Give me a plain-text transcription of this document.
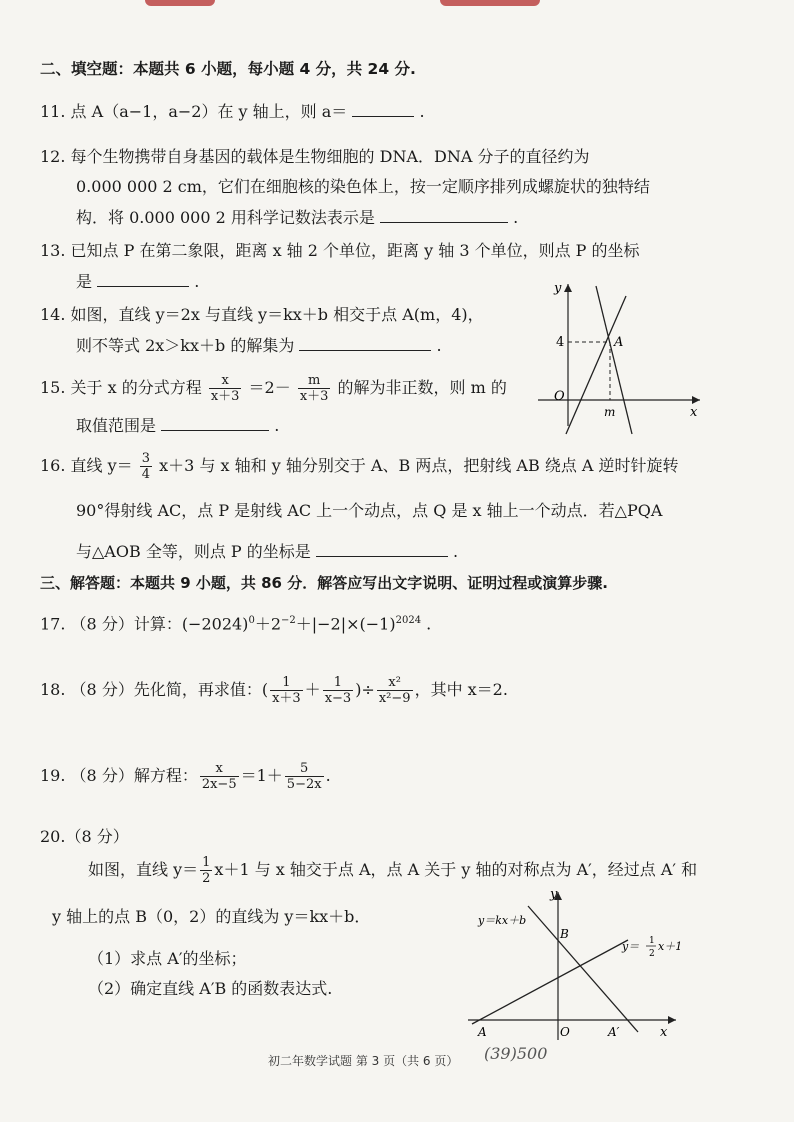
二、填空题：本题共 6 小题，每小题 4 分，共 24 分.
11. 点 A（a−1，a−2）在 y 轴上，则 a＝	.
12. 每个生物携带自身基因的载体是生物细胞的 DNA．DNA 分子的直径约为
0.000 000 2 cm，它们在细胞核的染色体上，按一定顺序排列成螺旋状的独特结
构．将 0.000 000 2 用科学记数法表示是	.
13. 已知点 P 在第二象限，距离 x 轴 2 个单位，距离 y 轴 3 个单位，则点 P 的坐标
是	.
14. 如图，直线 y＝2x 与直线 y＝kx＋b 相交于点 A(m，4)，
则不等式 2x＞kx＋b 的解集为	.
15. 关于 x 的分式方程 $\frac{x}{x+3} =2- \frac{m}{x+3}$ 的解为非正数，则 m 的
取值范围是	.
y
x
O
4	A
m
16. 直线 $y= \frac{3}{4} x+3$ 与 x 轴和 y 轴分别交于 A、B 两点，把射线 AB 绕点 A 逆时针旋转
90°得射线 AC，点 P 是射线 AC 上一个动点，点 Q 是 x 轴上一个动点．若△PQA
与△AOB 全等，则点 P 的坐标是	.
三、解答题：本题共 9 小题，共 86 分．解答应写出文字说明、证明过程或演算步骤.
17. （8 分）计算：$(-2024)^0+2^{-2}+|-2|\times(-1)^{2024}$ .
18. （8 分）先化简，再求值：( $\frac{1}{x+3} + \frac{1}{x-3}$ )÷ $\frac{\text{x²}}{\text{x²−9}}$ ，其中 x＝2.
19. （8 分）解方程： $\frac{x}{2x-5} =1+ \frac{5}{5-2x}$ .
20.（8 分）
如图，直线 $y= \frac{1}{2} x+1$ 与 x 轴交于点 A，点 A 关于 y 轴的对称点为 A′，经过点 A′ 和
y 轴上的点 B（0，2）的直线为 y＝kx＋b．
（1）求点 A′的坐标；
（2）确定直线 A′B 的函数表达式.
y
x
O
B
A	A′
y＝kx＋b
y＝ 1
2
x＋1
初二年数学试题 第 3 页（共 6 页） (39)500
